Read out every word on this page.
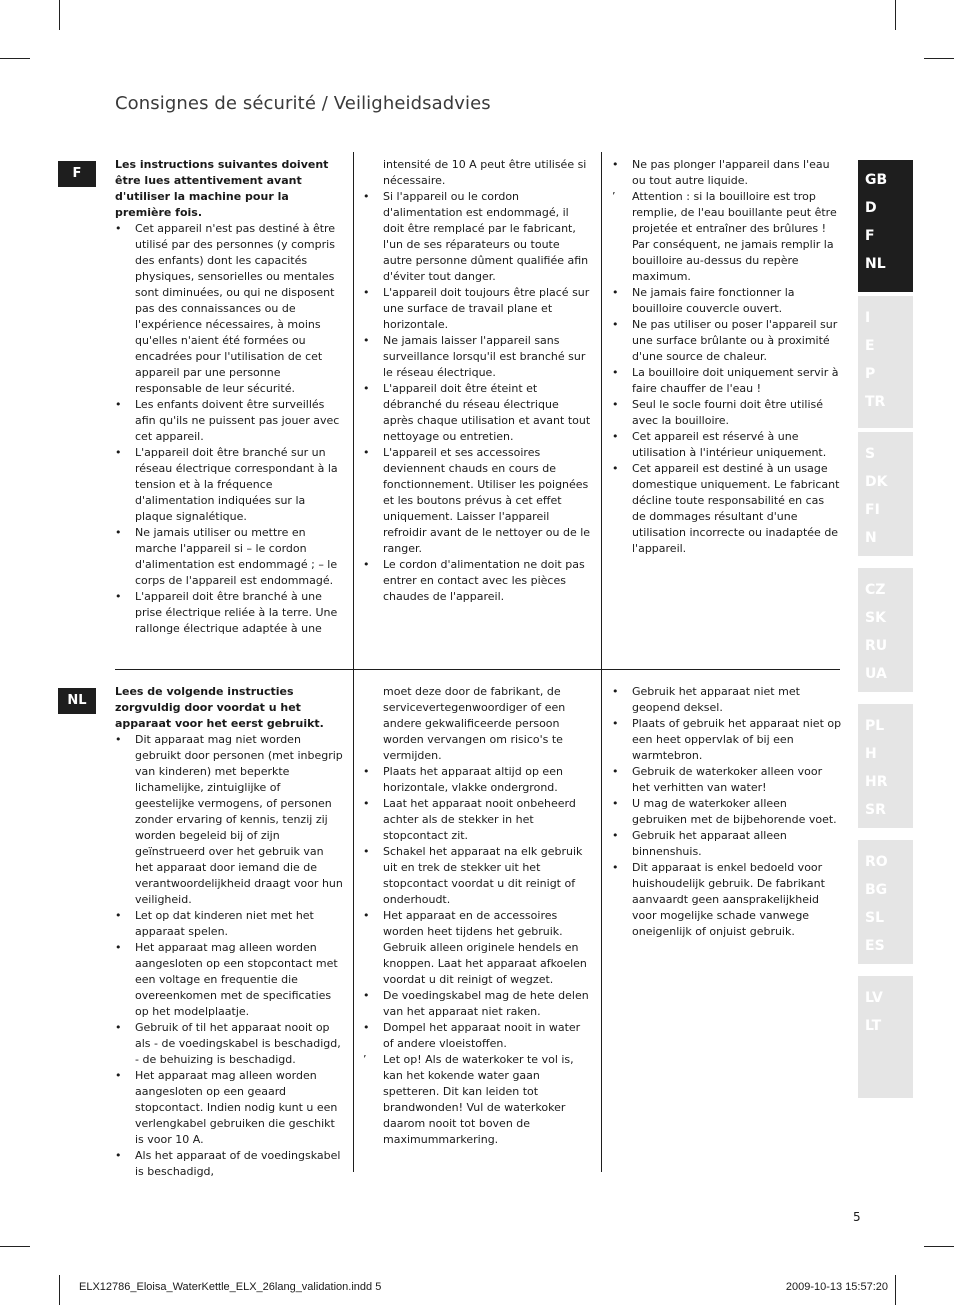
Consignes de sécurité / Veiligheidsadvies
F

Les instructions suivantes doivent être lues attentivement avant d'utiliser la machine pour la première fois.

• Cet appareil n'est pas destiné à être utilisé par des personnes (y compris des enfants) dont les capacités physiques, sensorielles ou mentales sont diminuées, ou qui ne disposent pas des connaissances ou de l'expérience nécessaires, à moins qu'elles n'aient été formées ou encadrées pour l'utilisation de cet appareil par une personne responsable de leur sécurité.
• Les enfants doivent être surveillés afin qu'ils ne puissent pas jouer avec cet appareil.
• L'appareil doit être branché sur un réseau électrique correspondant à la tension et à la fréquence d'alimentation indiquées sur la plaque signalétique.
• Ne jamais utiliser ou mettre en marche l'appareil si – le cordon d'alimentation est endommagé ; – le corps de l'appareil est endommagé.
• L'appareil doit être branché à une prise électrique reliée à la terre. Une rallonge électrique adaptée à une

intensité de 10 A peut être utilisée si nécessaire.

• Si l'appareil ou le cordon d'alimentation est endommagé, il doit être remplacé par le fabricant, l'un de ses réparateurs ou toute autre personne dûment qualifiée afin d'éviter tout danger.
• L'appareil doit toujours être placé sur une surface de travail plane et horizontale.
• Ne jamais laisser l'appareil sans surveillance lorsqu'il est branché sur le réseau électrique.
• L'appareil doit être éteint et débranché du réseau électrique après chaque utilisation et avant tout nettoyage ou entretien.
• L'appareil et ses accessoires deviennent chauds en cours de fonctionnement. Utiliser les poignées et les boutons prévus à cet effet uniquement. Laisser l'appareil refroidir avant de le nettoyer ou de le ranger.
• Le cordon d'alimentation ne doit pas entrer en contact avec les pièces chaudes de l'appareil.
• Ne pas plonger l'appareil dans l'eau ou tout autre liquide.
’ Attention : si la bouilloire est trop remplie, de l'eau bouillante peut être projetée et entraîner des brûlures ! Par conséquent, ne jamais remplir la bouilloire au-dessus du repère maximum.
• Ne jamais faire fonctionner la bouilloire couvercle ouvert.
• Ne pas utiliser ou poser l'appareil sur une surface brûlante ou à proximité d'une source de chaleur.
• La bouilloire doit uniquement servir à faire chauffer de l'eau !
• Seul le socle fourni doit être utilisé avec la bouilloire.
• Cet appareil est réservé à une utilisation à l'intérieur uniquement.
• Cet appareil est destiné à un usage domestique uniquement. Le fabricant décline toute responsabilité en cas de dommages résultant d'une utilisation incorrecte ou inadaptée de l'appareil.
NL

Lees de volgende instructies zorgvuldig door voordat u het apparaat voor het eerst gebruikt.

• Dit apparaat mag niet worden gebruikt door personen (met inbegrip van kinderen) met beperkte lichamelijke, zintuiglijke of geestelijke vermogens, of personen zonder ervaring of kennis, tenzij zij worden begeleid bij of zijn geïnstrueerd over het gebruik van het apparaat door iemand die de verantwoordelijkheid draagt voor hun veiligheid.
• Let op dat kinderen niet met het apparaat spelen.
• Het apparaat mag alleen worden aangesloten op een stopcontact met een voltage en frequentie die overeenkomen met de specificaties op het modelplaatje.
• Gebruik of til het apparaat nooit op als - de voedingskabel is beschadigd, - de behuizing is beschadigd.
• Het apparaat mag alleen worden aangesloten op een geaard stopcontact. Indien nodig kunt u een verlengkabel gebruiken die geschikt is voor 10 A.
• Als het apparaat of de voedingskabel is beschadigd,

moet deze door de fabrikant, de servicevertegenwoordiger of een andere gekwalificeerde persoon worden vervangen om risico's te vermijden.

• Plaats het apparaat altijd op een horizontale, vlakke ondergrond.
• Laat het apparaat nooit onbeheerd achter als de stekker in het stopcontact zit.
• Schakel het apparaat na elk gebruik uit en trek de stekker uit het stopcontact voordat u dit reinigt of onderhoudt.
• Het apparaat en de accessoires worden heet tijdens het gebruik. Gebruik alleen originele hendels en knoppen. Laat het apparaat afkoelen voordat u dit reinigt of wegzet.
• De voedingskabel mag de hete delen van het apparaat niet raken.
• Dompel het apparaat nooit in water of andere vloeistoffen.
’ Let op! Als de waterkoker te vol is, kan het kokende water gaan spetteren. Dit kan leiden tot brandwonden! Vul de waterkoker daarom nooit tot boven de maximummarkering.
• Gebruik het apparaat niet met geopend deksel.
• Plaats of gebruik het apparaat niet op een heet oppervlak of bij een warmtebron.
• Gebruik de waterkoker alleen voor het verhitten van water!
• U mag de waterkoker alleen gebruiken met de bijbehorende voet.
• Gebruik het apparaat alleen binnenshuis.
• Dit apparaat is enkel bedoeld voor huishoudelijk gebruik. De fabrikant aanvaardt geen aansprakelijkheid voor mogelijke schade vanwege oneigenlijk of onjuist gebruik.
GB
D
F
NL
I
E
P
TR
S
DK
FI
N
CZ
SK
RU
UA
PL
H
HR
SR
RO
BG
SL
ES
LV
LT
5
ELX12786_Eloisa_WaterKettle_ELX_26lang_validation.indd 5	2009-10-13 15:57:20
